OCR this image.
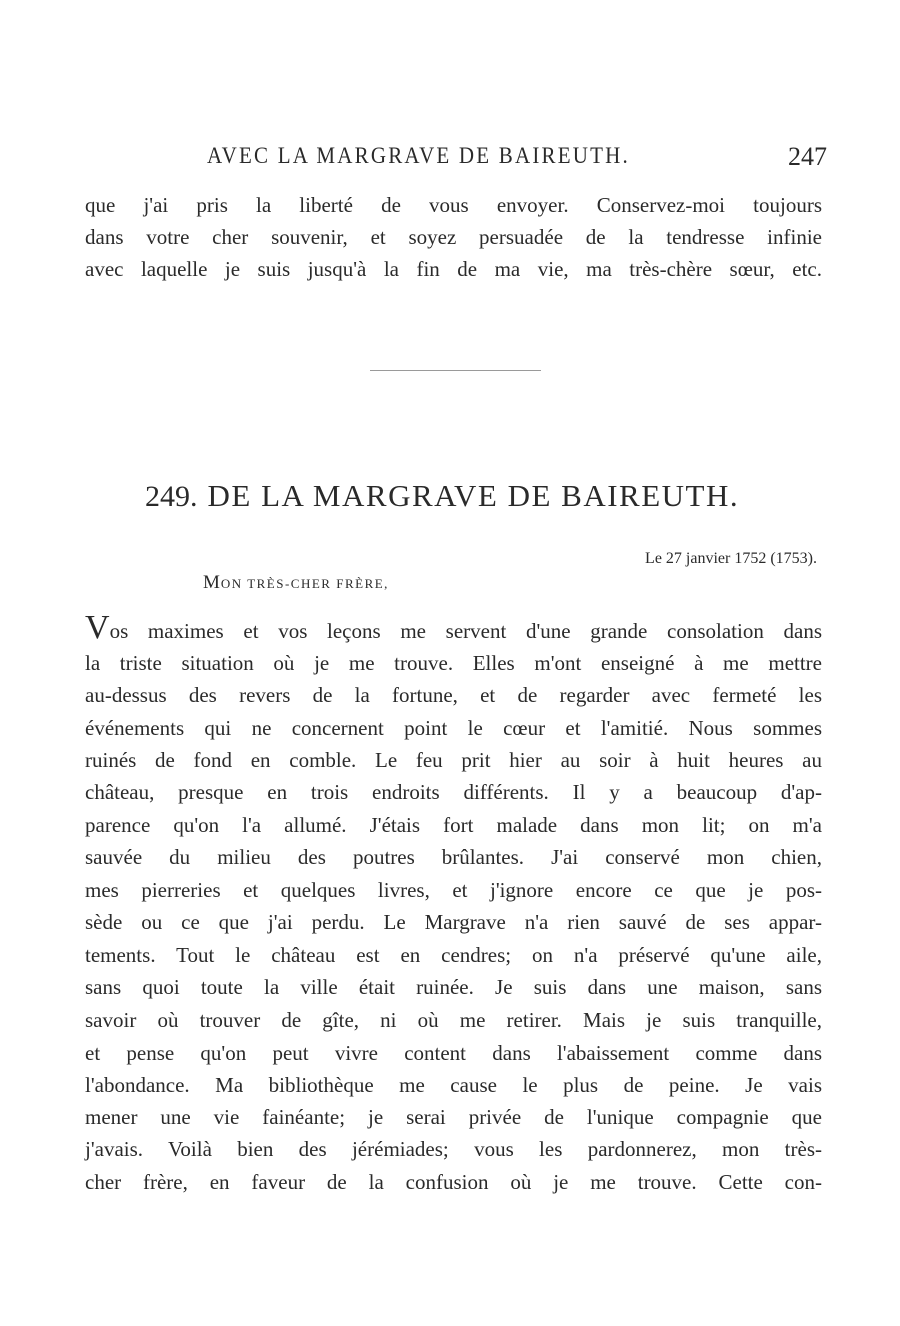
AVEC LA MARGRAVE DE BAIREUTH.	247
que j'ai pris la liberté de vous envoyer. Conservez-moi toujours
dans votre cher souvenir, et soyez persuadée de la tendresse infinie
avec laquelle je suis jusqu'à la fin de ma vie, ma très-chère sœur, etc.
249. DE LA MARGRAVE DE BAIREUTH.
Le 27 janvier 1752 (1753).
MON TRÈS-CHER FRÈRE,
Vos maximes et vos leçons me servent d'une grande consolation dans
la triste situation où je me trouve. Elles m'ont enseigné à me mettre
au-dessus des revers de la fortune, et de regarder avec fermeté les
événements qui ne concernent point le cœur et l'amitié. Nous sommes
ruinés de fond en comble. Le feu prit hier au soir à huit heures au
château, presque en trois endroits différents. Il y a beaucoup d'ap-
parence qu'on l'a allumé. J'étais fort malade dans mon lit; on m'a
sauvée du milieu des poutres brûlantes. J'ai conservé mon chien,
mes pierreries et quelques livres, et j'ignore encore ce que je pos-
sède ou ce que j'ai perdu. Le Margrave n'a rien sauvé de ses appar-
tements. Tout le château est en cendres; on n'a préservé qu'une aile,
sans quoi toute la ville était ruinée. Je suis dans une maison, sans
savoir où trouver de gîte, ni où me retirer. Mais je suis tranquille,
et pense qu'on peut vivre content dans l'abaissement comme dans
l'abondance. Ma bibliothèque me cause le plus de peine. Je vais
mener une vie fainéante; je serai privée de l'unique compagnie que
j'avais. Voilà bien des jérémiades; vous les pardonnerez, mon très-
cher frère, en faveur de la confusion où je me trouve. Cette con-
